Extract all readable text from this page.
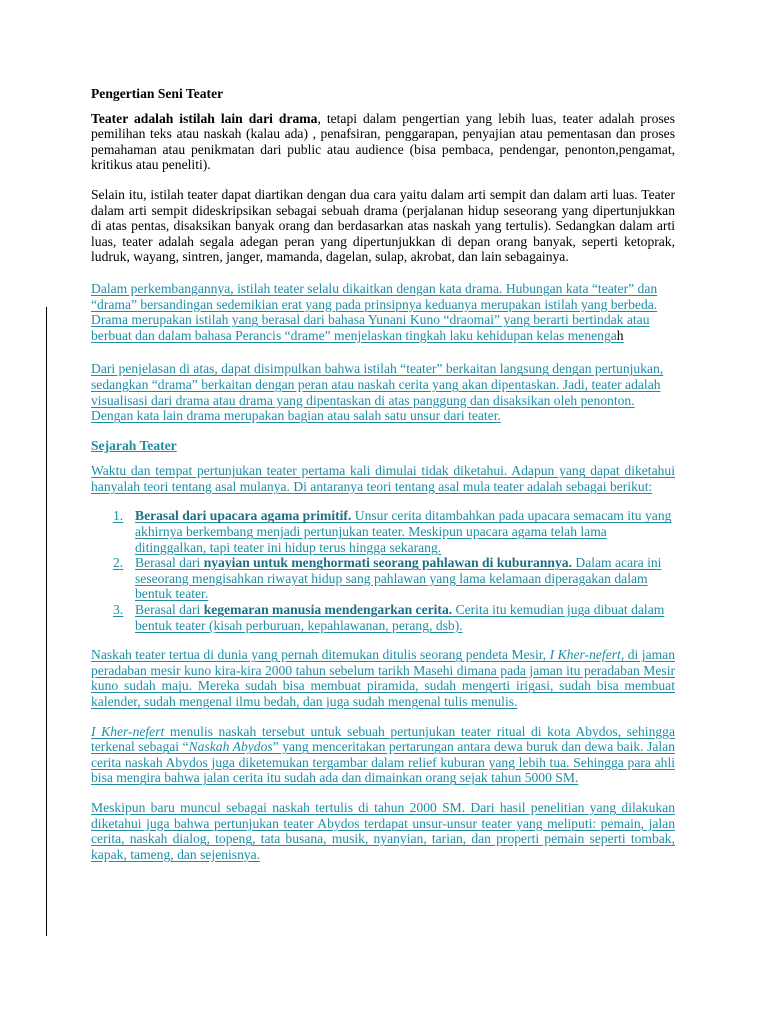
Pengertian Seni Teater

Teater adalah istilah lain dari drama, tetapi dalam pengertian yang lebih luas, teater adalah proses pemilihan teks atau naskah (kalau ada) , penafsiran, penggarapan, penyajian atau pementasan dan proses pemahaman atau penikmatan dari public atau audience (bisa pembaca, pendengar, penonton,pengamat, kritikus atau peneliti).

Selain itu, istilah teater dapat diartikan dengan dua cara yaitu dalam arti sempit dan dalam arti luas. Teater dalam arti sempit dideskripsikan sebagai sebuah drama (perjalanan hidup seseorang yang dipertunjukkan di atas pentas, disaksikan banyak orang dan berdasarkan atas naskah yang tertulis). Sedangkan dalam arti luas, teater adalah segala adegan peran yang dipertunjukkan di depan orang banyak, seperti ketoprak, ludruk, wayang, sintren, janger, mamanda, dagelan, sulap, akrobat, dan lain sebagainya.

Dalam perkembangannya, istilah teater selalu dikaitkan dengan kata drama. Hubungan kata “teater” dan “drama” bersandingan sedemikian erat yang pada prinsipnya keduanya merupakan istilah yang berbeda. Drama merupakan istilah yang berasal dari bahasa Yunani Kuno “draomai” yang berarti bertindak atau berbuat dan dalam bahasa Perancis “drame” menjelaskan tingkah laku kehidupan kelas menengah

Dari penjelasan di atas, dapat disimpulkan bahwa istilah “teater” berkaitan langsung dengan pertunjukan, sedangkan “drama” berkaitan dengan peran atau naskah cerita yang akan dipentaskan. Jadi, teater adalah visualisasi dari drama atau drama yang dipentaskan di atas panggung dan disaksikan oleh penonton. Dengan kata lain drama merupakan bagian atau salah satu unsur dari teater.

Sejarah Teater

Waktu dan tempat pertunjukan teater pertama kali dimulai tidak diketahui. Adapun yang dapat diketahui hanyalah teori tentang asal mulanya. Di antaranya teori tentang asal mula teater adalah sebagai berikut:

1. Berasal dari upacara agama primitif. Unsur cerita ditambahkan pada upacara semacam itu yang akhirnya berkembang menjadi pertunjukan teater. Meskipun upacara agama telah lama ditinggalkan, tapi teater ini hidup terus hingga sekarang.
2. Berasal dari nyayian untuk menghormati seorang pahlawan di kuburannya. Dalam acara ini seseorang mengisahkan riwayat hidup sang pahlawan yang lama kelamaan diperagakan dalam bentuk teater.
3. Berasal dari kegemaran manusia mendengarkan cerita. Cerita itu kemudian juga dibuat dalam bentuk teater (kisah perburuan, kepahlawanan, perang, dsb).

Naskah teater tertua di dunia yang pernah ditemukan ditulis seorang pendeta Mesir, I Kher-nefert, di jaman peradaban mesir kuno kira-kira 2000 tahun sebelum tarikh Masehi dimana pada jaman itu peradaban Mesir kuno sudah maju. Mereka sudah bisa membuat piramida, sudah mengerti irigasi, sudah bisa membuat kalender, sudah mengenal ilmu bedah, dan juga sudah mengenal tulis menulis.

I Kher-nefert menulis naskah tersebut untuk sebuah pertunjukan teater ritual di kota Abydos, sehingga terkenal sebagai “Naskah Abydos” yang menceritakan pertarungan antara dewa buruk dan dewa baik. Jalan cerita naskah Abydos juga diketemukan tergambar dalam relief kuburan yang lebih tua. Sehingga para ahli bisa mengira bahwa jalan cerita itu sudah ada dan dimainkan orang sejak tahun 5000 SM.

Meskipun baru muncul sebagai naskah tertulis di tahun 2000 SM. Dari hasil penelitian yang dilakukan diketahui juga bahwa pertunjukan teater Abydos terdapat unsur-unsur teater yang meliputi: pemain, jalan cerita, naskah dialog, topeng, tata busana, musik, nyanyian, tarian, dan properti pemain seperti tombak, kapak, tameng, dan sejenisnya.
